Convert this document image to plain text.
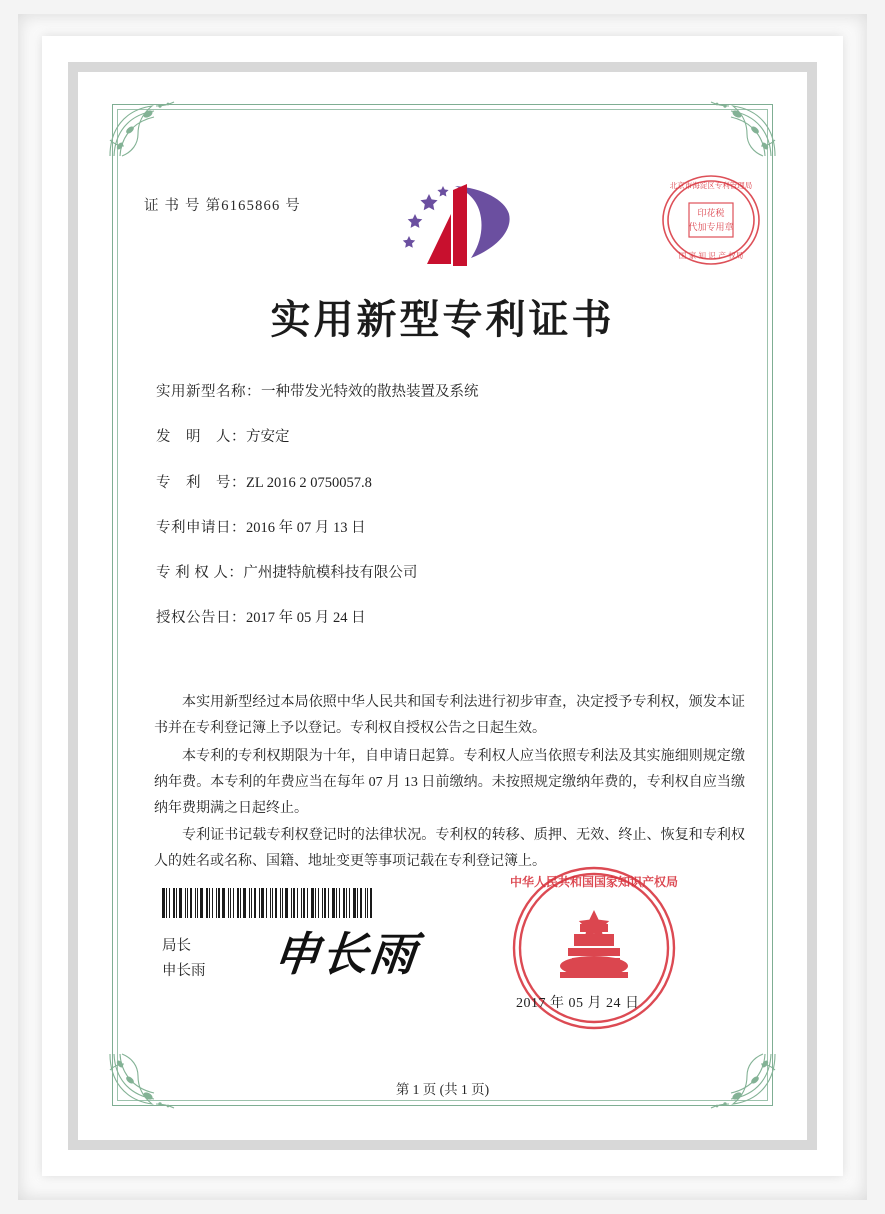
证 书 号 第6165866 号
北京市海淀区专利管理局
印花税
代加专用章
国 家 知 识 产 权局
实用新型专利证书
实用新型名称：一种带发光特效的散热装置及系统
发　明　人：方安定
专　利　号：ZL 2016 2 0750057.8
专利申请日：2016 年 07 月 13 日
专 利 权 人：广州捷特航模科技有限公司
授权公告日：2017 年 05 月 24 日

本实用新型经过本局依照中华人民共和国专利法进行初步审查，决定授予专利权，颁发本证书并在专利登记簿上予以登记。专利权自授权公告之日起生效。

本专利的专利权期限为十年，自申请日起算。专利权人应当依照专利法及其实施细则规定缴纳年费。本专利的年费应当在每年 07 月 13 日前缴纳。未按照规定缴纳年费的，专利权自应当缴纳年费期满之日起终止。

专利证书记载专利权登记时的法律状况。专利权的转移、质押、无效、终止、恢复和专利权人的姓名或名称、国籍、地址变更等事项记载在专利登记簿上。

局长
申长雨 申长雨
中华人民共和国国家知识产权局
2017 年 05 月 24 日
第 1 页 (共 1 页)
